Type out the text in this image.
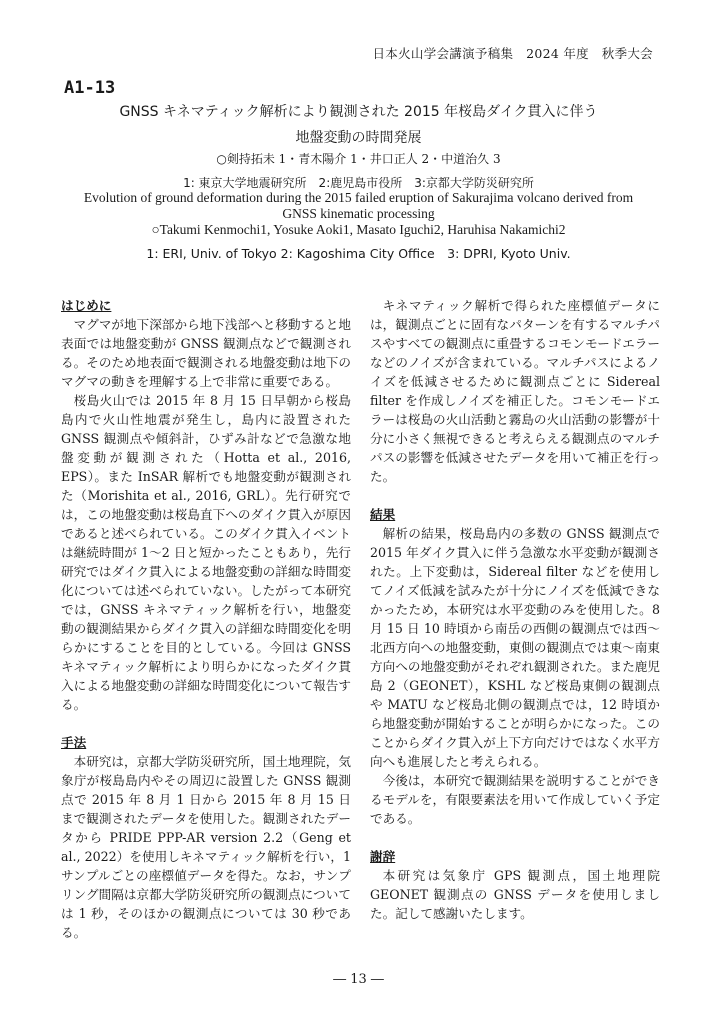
日本火山学会講演予稿集　2024 年度　秋季大会
A1-13
GNSS キネマティック解析により観測された 2015 年桜島ダイク貫入に伴う
地盤変動の時間発展
○剣持拓未 1・青木陽介 1・井口正人 2・中道治久 3
1: 東京大学地震研究所　2:鹿児島市役所　3:京都大学防災研究所
Evolution of ground deformation during the 2015 failed eruption of Sakurajima volcano derived from
GNSS kinematic processing
○Takumi Kenmochi1, Yosuke Aoki1, Masato Iguchi2, Haruhisa Nakamichi2
1: ERI, Univ. of Tokyo 2: Kagoshima City Office　3: DPRI, Kyoto Univ.

はじめに

マグマが地下深部から地下浅部へと移動すると地表面では地盤変動が GNSS 観測点などで観測される。そのため地表面で観測される地盤変動は地下のマグマの動きを理解する上で非常に重要である。

桜島火山では 2015 年 8 月 15 日早朝から桜島島内で火山性地震が発生し，島内に設置された GNSS 観測点や傾斜計，ひずみ計などで急激な地盤変動が観測された（Hotta et al., 2016, EPS）。また InSAR 解析でも地盤変動が観測された（Morishita et al., 2016, GRL）。先行研究では，この地盤変動は桜島直下へのダイク貫入が原因であると述べられている。このダイク貫入イベントは継続時間が 1〜2 日と短かったこともあり，先行研究ではダイク貫入による地盤変動の詳細な時間変化については述べられていない。したがって本研究では，GNSS キネマティック解析を行い，地盤変動の観測結果からダイク貫入の詳細な時間変化を明らかにすることを目的としている。今回は GNSS キネマティック解析により明らかになったダイク貫入による地盤変動の詳細な時間変化について報告する。

手法

本研究は，京都大学防災研究所，国土地理院，気象庁が桜島島内やその周辺に設置した GNSS 観測点で 2015 年 8 月 1 日から 2015 年 8 月 15 日まで観測されたデータを使用した。観測されたデータから PRIDE PPP-AR version 2.2（Geng et al., 2022）を使用しキネマティック解析を行い，1 サンプルごとの座標値データを得た。なお，サンプリング間隔は京都大学防災研究所の観測点については 1 秒，そのほかの観測点については 30 秒である。

キネマティック解析で得られた座標値データには，観測点ごとに固有なパターンを有するマルチパスやすべての観測点に重畳するコモンモードエラーなどのノイズが含まれている。マルチパスによるノイズを低減させるために観測点ごとに Sidereal filter を作成しノイズを補正した。コモンモードエラーは桜島の火山活動と霧島の火山活動の影響が十分に小さく無視できると考えらえる観測点のマルチパスの影響を低減させたデータを用いて補正を行った。

結果

解析の結果，桜島島内の多数の GNSS 観測点で 2015 年ダイク貫入に伴う急激な水平変動が観測された。上下変動は，Sidereal filter などを使用してノイズ低減を試みたが十分にノイズを低減できなかったため，本研究は水平変動のみを使用した。8 月 15 日 10 時頃から南岳の西側の観測点では西〜北西方向への地盤変動，東側の観測点では東〜南東方向への地盤変動がそれぞれ観測された。また鹿児島 2（GEONET），KSHL など桜島東側の観測点や MATU など桜島北側の観測点では，12 時頃から地盤変動が開始することが明らかになった。このことからダイク貫入が上下方向だけではなく水平方向へも進展したと考えられる。

今後は，本研究で観測結果を説明することができるモデルを，有限要素法を用いて作成していく予定である。

謝辞

本研究は気象庁 GPS 観測点，国土地理院 GEONET 観測点の GNSS データを使用しました。記して感謝いたします。

― 13 ―
